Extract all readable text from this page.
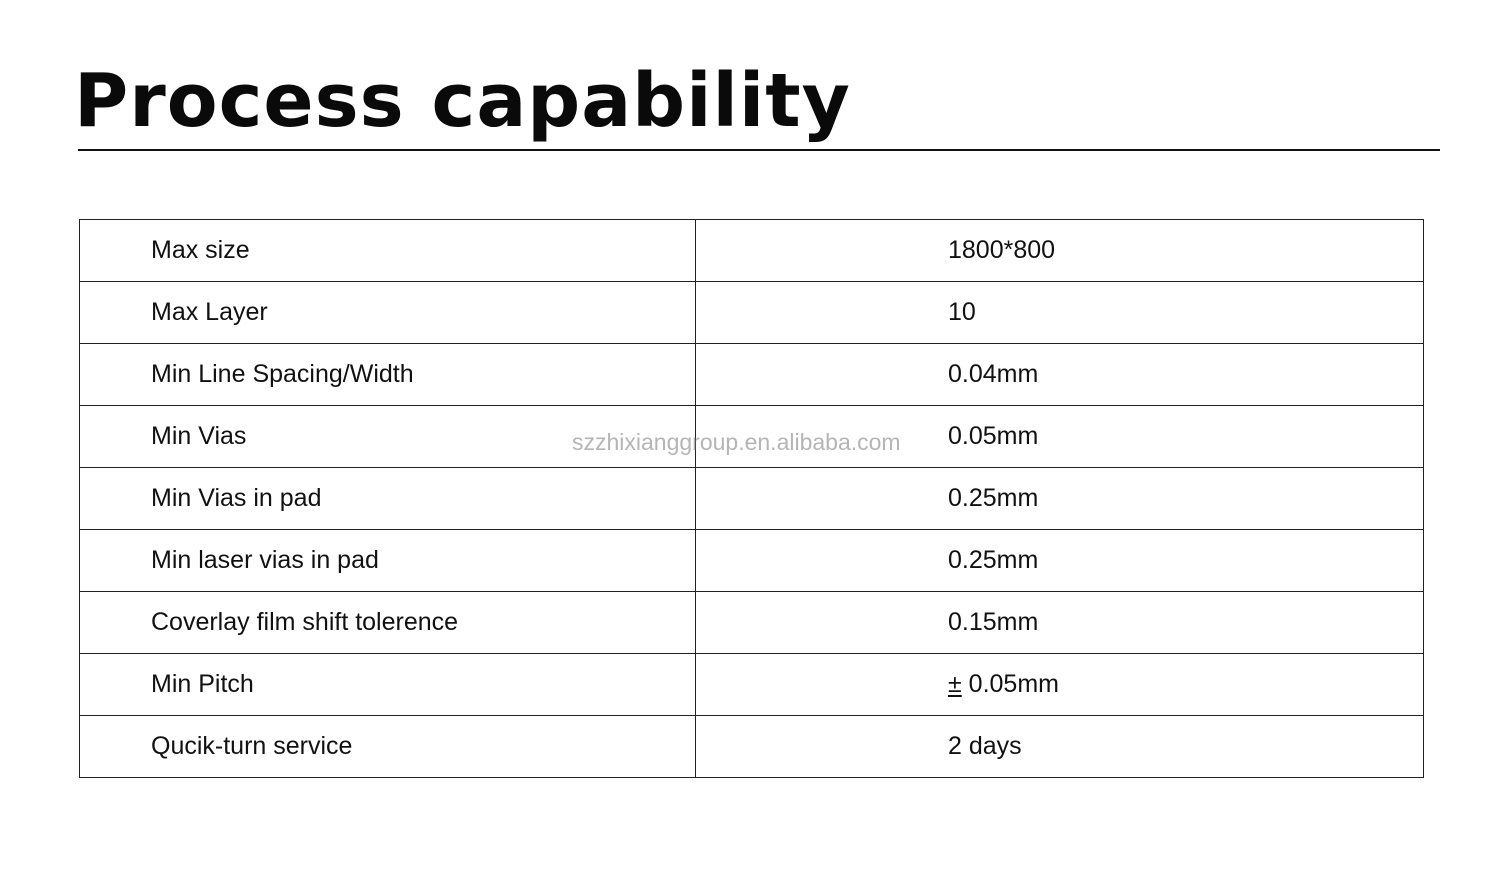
Process capability
Max size	1800*800
Max Layer	10
Min Line Spacing/Width	0.04mm
Min Vias	0.05mm
Min Vias in pad	0.25mm
Min laser vias in pad	0.25mm
Coverlay film shift tolerence	0.15mm
Min Pitch	± 0.05mm
Qucik-turn service	2 days
szzhixianggroup.en.alibaba.com
